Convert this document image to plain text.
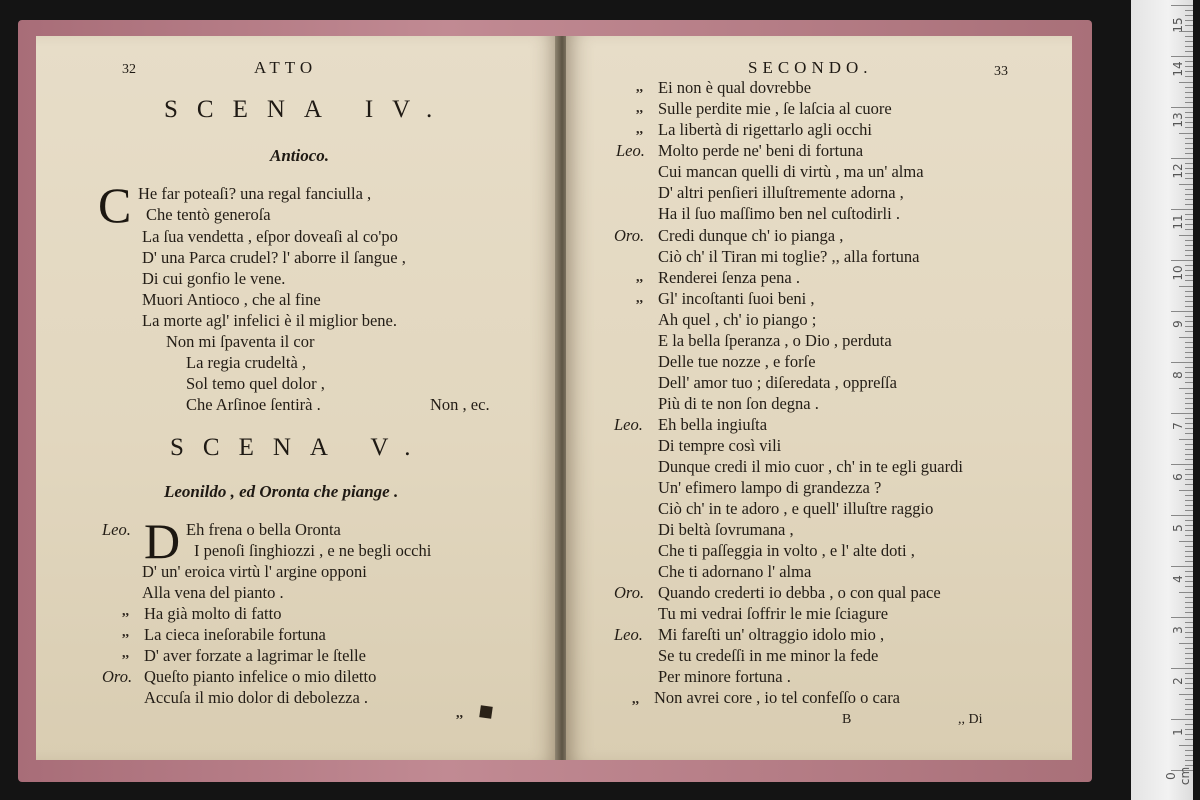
32	ATTO
SCENA IV.
Antioco.
C He far poteaſi? una regal fanciulla ,
Che tentò generoſa
La ſua vendetta , eſpor doveaſi al co'po
D' una Parca crudel? l' aborre il ſangue ,
Di cui gonfio le vene.
Muori Antioco , che al fine
La morte agl' infelici è il miglior bene.
Non mi ſpaventa il cor
La regia crudeltà ,
Sol temo quel dolor ,
Che Arſinoe ſentirà .	Non , ec.
SCENA V.
Leonildo , ed Oronta che piange .
Leo. D Eh frena o bella Oronta
I penoſi ſinghiozzi , e ne begli occhi
D' un' eroica virtù l' argine opponi
Alla vena del pianto .
,, Ha già molto di fatto
,, La cieca ineſorabile fortuna
,, D' aver forzate a lagrimar le ſtelle
Oro. Queſto pianto infelice o mio diletto
Accuſa il mio dolor di debolezza .
,,
SECONDO.	33
,, Ei non è qual dovrebbe
,, Sulle perdite mie , ſe laſcia al cuore
,, La libertà di rigettarlo agli occhi
Leo. Molto perde ne' beni di fortuna
Cui mancan quelli di virtù , ma un' alma
D' altri penſieri illuſtremente adorna ,
Ha il ſuo maſſimo ben nel cuſtodirli .
Oro. Credi dunque ch' io pianga ,
Ciò ch' il Tiran mi toglie? ,, alla fortuna
,, Renderei ſenza pena .
,, Gl' incoſtanti ſuoi beni ,
Ah quel , ch' io piango ;
E la bella ſperanza , o Dio , perduta
Delle tue nozze , e forſe
Dell' amor tuo ; diſeredata , oppreſſa
Più di te non ſon degna .
Leo. Eh bella ingiuſta
Di tempre così vili
Dunque credi il mio cuor , ch' in te egli guardi
Un' efimero lampo di grandezza ?
Ciò ch' in te adoro , e quell' illuſtre raggio
Di beltà ſovrumana ,
Che ti paſſeggia in volto , e l' alte doti ,
Che ti adornano l' alma
Oro. Quando crederti io debba , o con qual pace
Tu mi vedrai ſoffrir le mie ſciagure
Leo. Mi fareſti un' oltraggio idolo mio ,
Se tu credeſſi in me minor la fede
Per minore fortuna .
,, Non avrei core , io tel confeſſo o cara
B	,, Di
0 cm
1
2
3
4
5
6
7
8
9
10
11
12
13
14
15
